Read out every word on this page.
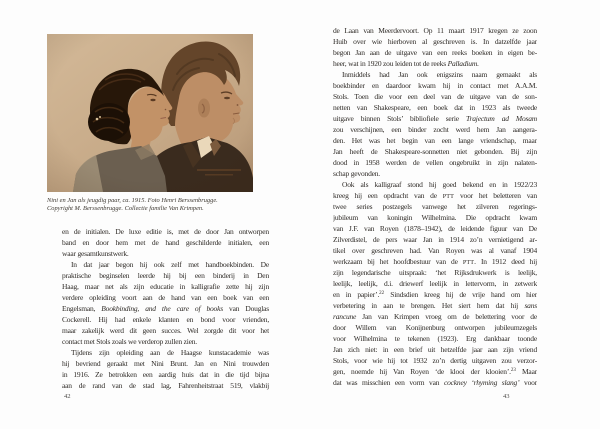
Nini en Jan als jeugdig paar, ca. 1915. Foto Henri Berssenbrugge.
Copyright M. Berssenbrugge. Collectie familie Van Krimpen.
en de initialen. De luxe editie is, met de door Jan ontworpen
band en door hem met de hand geschilderde initialen, een
waar gesamtkunstwerk.
In dat jaar begon hij ook zelf met handboekbinden. De
praktische beginselen leerde hij bij een binderij in Den
Haag, maar net als zijn educatie in kalligrafie zette hij zijn
verdere opleiding voort aan de hand van een boek van een
Engelsman, Bookbinding, and the care of books van Douglas
Cockerell. Hij had enkele klanten en bond voor vrienden,
maar zakelijk werd dit geen succes. Wel zorgde dit voor het
contact met Stols zoals we verderop zullen zien.
Tijdens zijn opleiding aan de Haagse kunstacademie was
hij bevriend geraakt met Nini Brunt. Jan en Nini trouwden
in 1916. Ze betrokken een aardig huis dat in die tijd bijna
aan de rand van de stad lag, Fahrenheitstraat 519, vlakbij
42
de Laan van Meerdervoort. Op 11 maart 1917 kregen ze zoon
Huib over wie hierboven al geschreven is. In datzelfde jaar
begon Jan aan de uitgave van een reeks boeken in eigen be-
heer, wat in 1920 zou leiden tot de reeks Palladium.
Inmiddels had Jan ook enigszins naam gemaakt als
boekbinder en daardoor kwam hij in contact met A.A.M.
Stols. Toen die voor een deel van de uitgave van de son-
netten van Shakespeare, een boek dat in 1923 als tweede
uitgave binnen Stols’ bibliofiele serie Trajectum ad Mosam
zou verschijnen, een binder zocht werd hem Jan aangera-
den. Het was het begin van een lange vriendschap, maar
Jan heeft de Shakespeare-sonnetten niet gebonden. Bij zijn
dood in 1958 werden de vellen ongebruikt in zijn nalaten-
schap gevonden.
Ook als kalligraaf stond hij goed bekend en in 1922/23
kreeg hij een opdracht van de PTT voor het beletteren van
twee series postzegels vanwege het zilveren regerings-
jubileum van koningin Wilhelmina. Die opdracht kwam
van J.F. van Royen (1878–1942), de leidende figuur van De
Zilverdistel, de pers waar Jan in 1914 zo’n vernietigend ar-
tikel over geschreven had. Van Royen was al vanaf 1904
werkzaam bij het hoofdbestuur van de PTT. In 1912 deed hij
zijn legendarische uitspraak: ‘het Rijksdrukwerk is leelijk,
leelijk, leelijk, d.i. driewerf leelijk in lettervorm, in zetwerk
en in papier’.$^{22}$ Sindsdien kreeg hij de vrije hand om hier
verbetering in aan te brengen. Het siert hem dat hij sans
rancune Jan van Krimpen vroeg om de belettering voor de
door Willem van Konijnenburg ontworpen jubileumzegels
voor Wilhelmina te tekenen (1923). Erg dankbaar toonde
Jan zich niet: in een brief uit hetzelfde jaar aan zijn vriend
Stols, voor wie hij tot 1932 zo’n dertig uitgaven zou verzor-
gen, noemde hij Van Royen ‘de klooi der klooien’.$^{23}$ Maar
dat was misschien een vorm van cockney ‘rhyming slang’ voor
43
